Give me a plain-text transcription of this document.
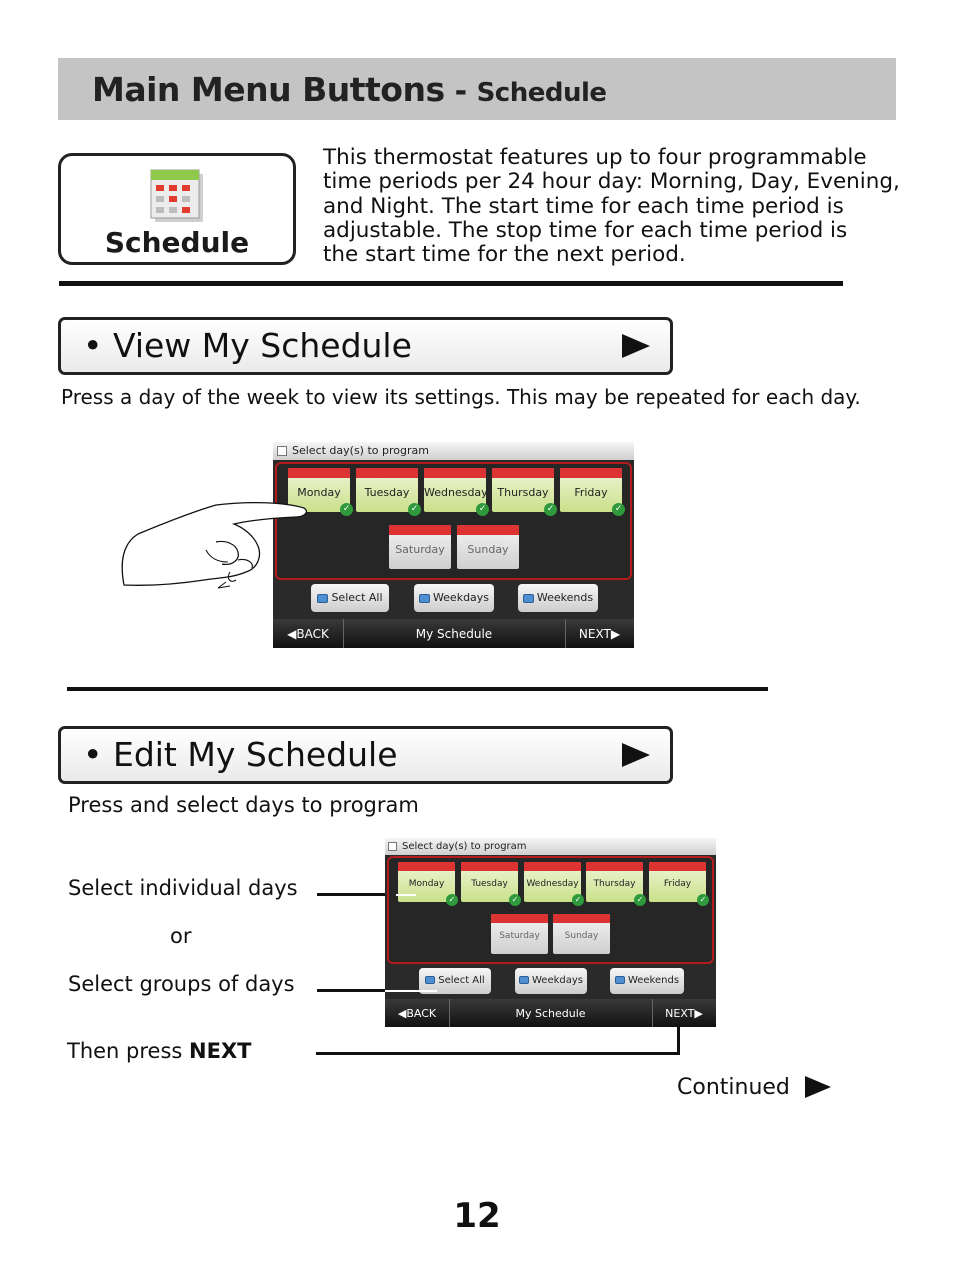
Main Menu Buttons - Schedule
Schedule
This thermostat features up to four programmable
time periods per 24 hour day: Morning, Day, Evening,
and Night. The start time for each time period is
adjustable. The stop time for each time period is
the start time for the next period.
• View My Schedule
Press a day of the week to view its settings. This may be repeated for each day.
Select day(s) to program
Monday
✓
Tuesday
✓
Wednesday
✓
Thursday
✓
Friday
✓
Saturday	Sunday
Select All	Weekdays	Weekends
◀ BACK	My Schedule	NEXT ▶
• Edit My Schedule
Press and select days to program
Select individual days
or
Select groups of days
Then press NEXT
Select day(s) to program
Monday
✓
Tuesday
✓
Wednesday
✓
Thursday
✓
Friday
✓
Saturday	Sunday
Select All	Weekdays	Weekends
◀ BACK	My Schedule	NEXT ▶
Continued
12
